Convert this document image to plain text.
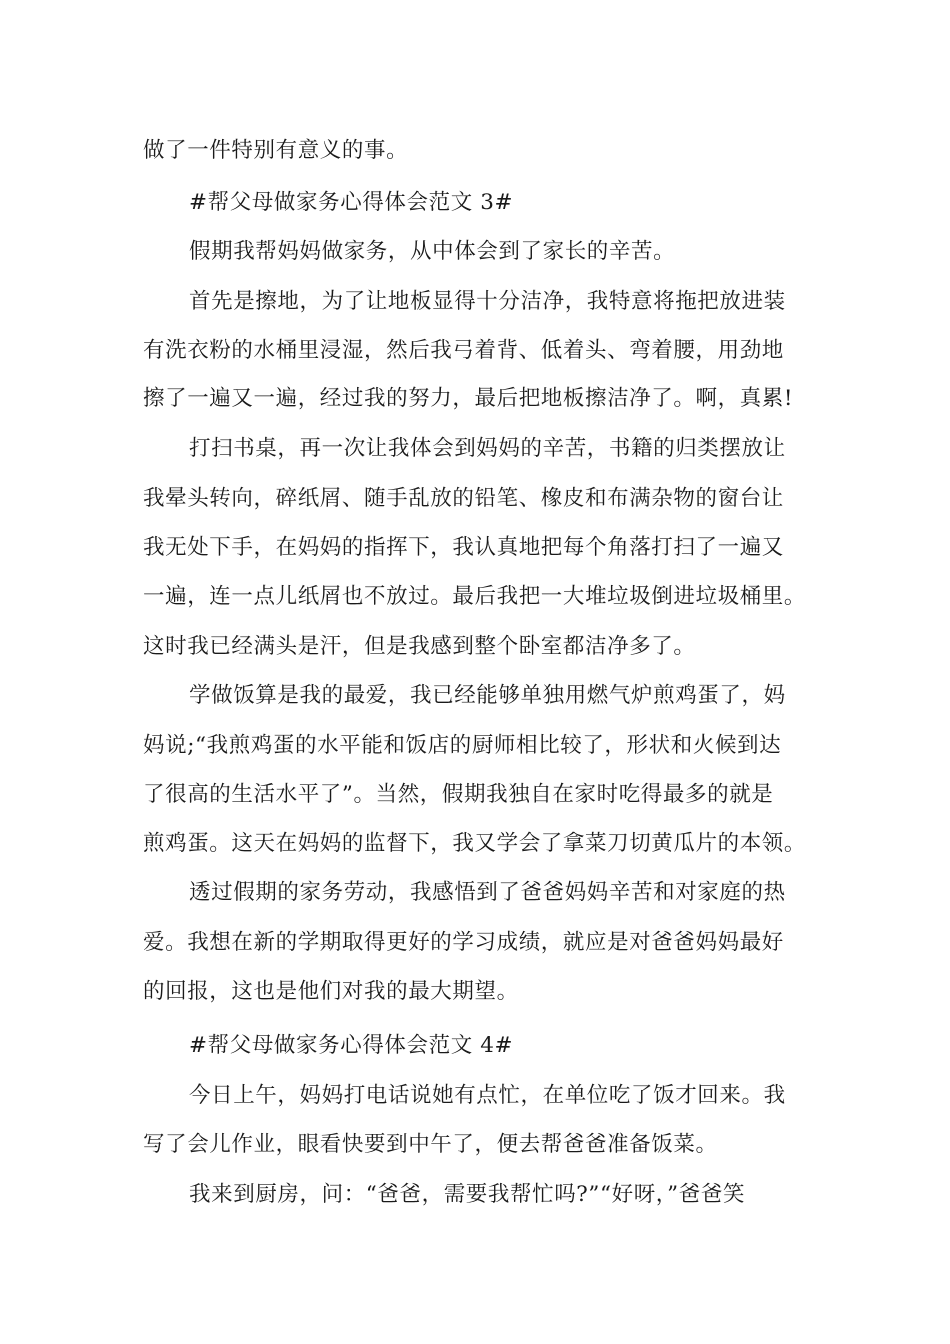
做了一件特别有意义的事。
#帮父母做家务心得体会范文 3#
假期我帮妈妈做家务，从中体会到了家长的辛苦。
首先是擦地，为了让地板显得十分洁净，我特意将拖把放进装
有洗衣粉的水桶里浸湿，然后我弓着背、低着头、弯着腰，用劲地
擦了一遍又一遍，经过我的努力，最后把地板擦洁净了。啊，真累!
打扫书桌，再一次让我体会到妈妈的辛苦，书籍的归类摆放让
我晕头转向，碎纸屑、随手乱放的铅笔、橡皮和布满杂物的窗台让
我无处下手，在妈妈的指挥下，我认真地把每个角落打扫了一遍又
一遍，连一点儿纸屑也不放过。最后我把一大堆垃圾倒进垃圾桶里。
这时我已经满头是汗，但是我感到整个卧室都洁净多了。
学做饭算是我的最爱，我已经能够单独用燃气炉煎鸡蛋了，妈
妈说;“我煎鸡蛋的水平能和饭店的厨师相比较了，形状和火候到达
了很高的生活水平了”。当然，假期我独自在家时吃得最多的就是
煎鸡蛋。这天在妈妈的监督下，我又学会了拿菜刀切黄瓜片的本领。
透过假期的家务劳动，我感悟到了爸爸妈妈辛苦和对家庭的热
爱。我想在新的学期取得更好的学习成绩，就应是对爸爸妈妈最好
的回报，这也是他们对我的最大期望。
#帮父母做家务心得体会范文 4#
今日上午，妈妈打电话说她有点忙，在单位吃了饭才回来。我
写了会儿作业，眼看快要到中午了，便去帮爸爸准备饭菜。
我来到厨房，问：“爸爸，需要我帮忙吗?”“好呀，”爸爸笑
